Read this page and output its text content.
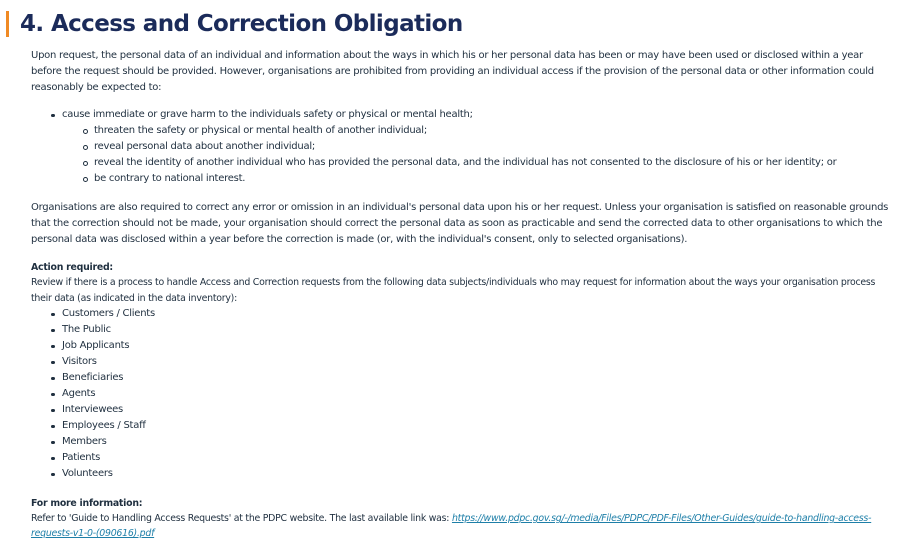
4. Access and Correction Obligation

Upon request, the personal data of an individual and information about the ways in which his or her personal data has been or may have been used or disclosed within a year before the request should be provided. However, organisations are prohibited from providing an individual access if the provision of the personal data or other information could reasonably be expected to:

cause immediate or grave harm to the individuals safety or physical or mental health;
threaten the safety or physical or mental health of another individual;
reveal personal data about another individual;
reveal the identity of another individual who has provided the personal data, and the individual has not consented to the disclosure of his or her identity; or
be contrary to national interest.

Organisations are also required to correct any error or omission in an individual's personal data upon his or her request. Unless your organisation is satisfied on reasonable grounds that the correction should not be made, your organisation should correct the personal data as soon as practicable and send the corrected data to other organisations to which the personal data was disclosed within a year before the correction is made (or, with the individual's consent, only to selected organisations).

Action required:
Review if there is a process to handle Access and Correction requests from the following data subjects/individuals who may request for information about the ways your organisation process their data (as indicated in the data inventory):
Customers / Clients
The Public
Job Applicants
Visitors
Beneficiaries
Agents
Interviewees
Employees / Staff
Members
Patients
Volunteers
For more information:

Refer to 'Guide to Handling Access Requests' at the PDPC website. The last available link was: https://www.pdpc.gov.sg/-/media/Files/PDPC/PDF-Files/Other-Guides/guide-to-handling-access-requests-v1-0-(090616).pdf
